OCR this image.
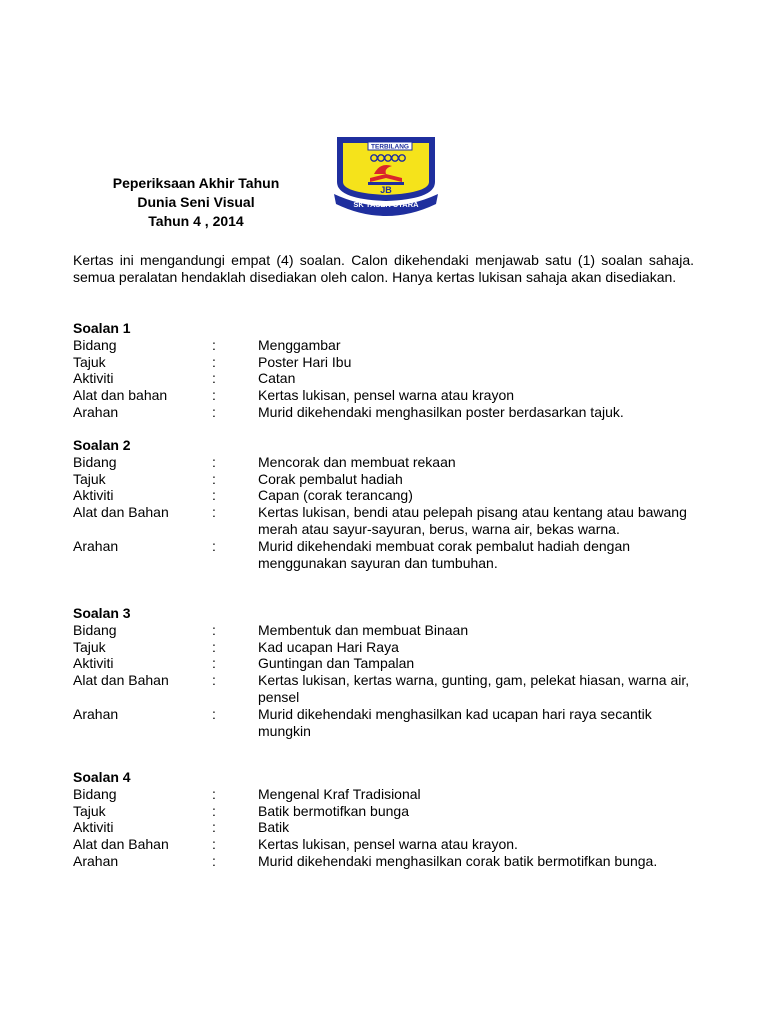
Peperiksaan Akhir Tahun
Dunia Seni Visual
Tahun 4 , 2014
TERBILANG
JB
SK TASEK UTARA
Kertas ini mengandungi empat (4) soalan. Calon dikehendaki menjawab satu (1) soalan sahaja. semua peralatan hendaklah disediakan oleh calon. Hanya kertas lukisan sahaja akan disediakan.
Soalan 1
Bidang	:	Menggambar
Tajuk	:	Poster Hari Ibu
Aktiviti	:	Catan
Alat dan bahan	:	Kertas lukisan, pensel warna atau krayon
Arahan	:	Murid dikehendaki menghasilkan poster berdasarkan tajuk.
Soalan 2
Bidang	:	Mencorak dan membuat rekaan
Tajuk	:	Corak pembalut hadiah
Aktiviti	:	Capan (corak terancang)
Alat dan Bahan	:	Kertas lukisan, bendi atau pelepah pisang atau kentang atau bawang merah atau sayur-sayuran, berus, warna air, bekas warna.
Arahan	:	Murid dikehendaki membuat corak pembalut hadiah dengan menggunakan sayuran dan tumbuhan.
Soalan 3
Bidang	:	Membentuk dan membuat Binaan
Tajuk	:	Kad ucapan Hari Raya
Aktiviti	:	Guntingan dan Tampalan
Alat dan Bahan	:	Kertas lukisan, kertas warna, gunting, gam, pelekat hiasan, warna air, pensel
Arahan	:	Murid dikehendaki menghasilkan kad ucapan hari raya secantik mungkin
Soalan 4
Bidang	:	Mengenal Kraf Tradisional
Tajuk	:	Batik bermotifkan bunga
Aktiviti	:	Batik
Alat dan Bahan	:	Kertas lukisan, pensel warna atau krayon.
Arahan	:	Murid dikehendaki menghasilkan corak batik bermotifkan bunga.
